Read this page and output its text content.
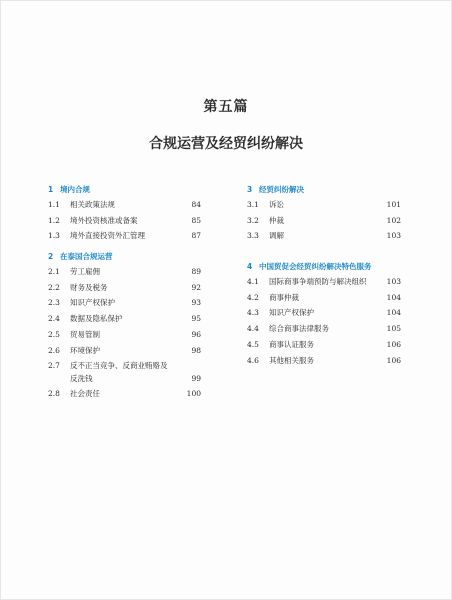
第五篇
合规运营及经贸纠纷解决
1 境内合规
1.1 相关政策法规	84
1.2 境外投资核准或备案	85
1.3 境外直接投资外汇管理	87
2 在泰国合规运营
2.1 劳工雇佣	89
2.2 财务及税务	92
2.3 知识产权保护	93
2.4 数据及隐私保护	95
2.5 贸易管制	96
2.6 环境保护	98
2.7 反不正当竞争、反商业贿赂及
反洗钱	99
2.8 社会责任	100
3 经贸纠纷解决
3.1 诉讼	101
3.2 仲裁	102
3.3 调解	103
4 中国贸促会经贸纠纷解决特色服务
4.1 国际商事争端预防与解决组织	103
4.2 商事仲裁	104
4.3 知识产权保护	104
4.4 综合商事法律服务	105
4.5 商事认证服务	106
4.6 其他相关服务	106
